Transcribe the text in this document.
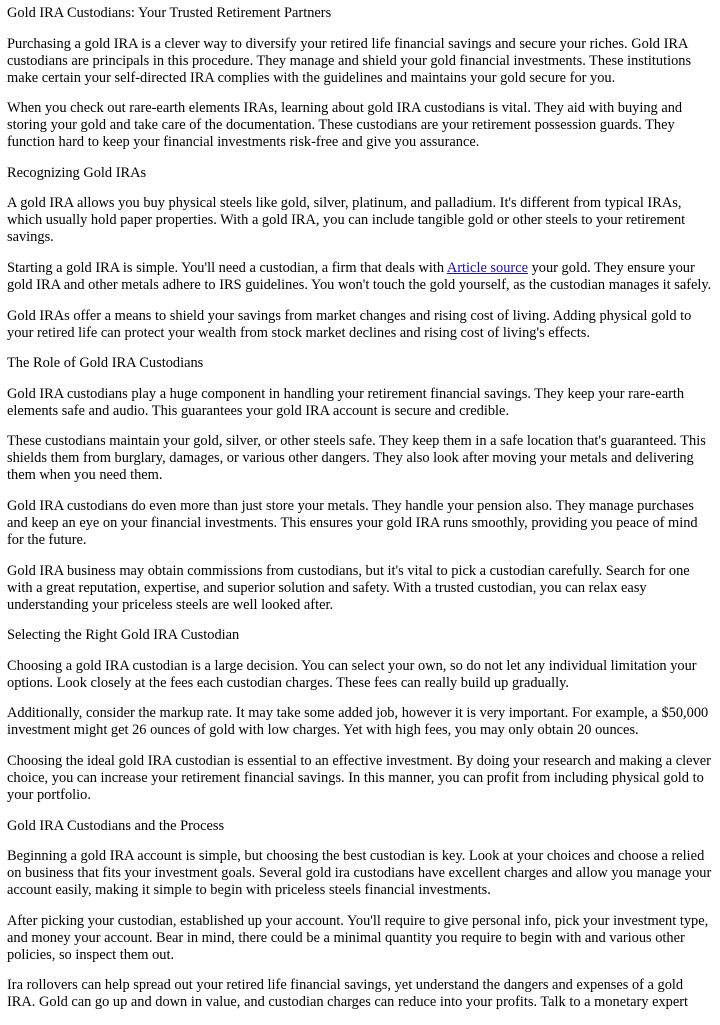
Gold IRA Custodians: Your Trusted Retirement Partners

Purchasing a gold IRA is a clever way to diversify your retired life financial savings and secure your riches. Gold IRA custodians are principals in this procedure. They manage and shield your gold financial investments. These institutions make certain your self-directed IRA complies with the guidelines and maintains your gold secure for you.

When you check out rare-earth elements IRAs, learning about gold IRA custodians is vital. They aid with buying and storing your gold and take care of the documentation. These custodians are your retirement possession guards. They function hard to keep your financial investments risk-free and give you assurance.

Recognizing Gold IRAs

A gold IRA allows you buy physical steels like gold, silver, platinum, and palladium. It's different from typical IRAs, which usually hold paper properties. With a gold IRA, you can include tangible gold or other steels to your retirement savings.

Starting a gold IRA is simple. You'll need a custodian, a firm that deals with Article source your gold. They ensure your gold IRA and other metals adhere to IRS guidelines. You won't touch the gold yourself, as the custodian manages it safely.

Gold IRAs offer a means to shield your savings from market changes and rising cost of living. Adding physical gold to your retired life can protect your wealth from stock market declines and rising cost of living's effects.

The Role of Gold IRA Custodians

Gold IRA custodians play a huge component in handling your retirement financial savings. They keep your rare-earth elements safe and audio. This guarantees your gold IRA account is secure and credible.

These custodians maintain your gold, silver, or other steels safe. They keep them in a safe location that's guaranteed. This shields them from burglary, damages, or various other dangers. They also look after moving your metals and delivering them when you need them.

Gold IRA custodians do even more than just store your metals. They handle your pension also. They manage purchases and keep an eye on your financial investments. This ensures your gold IRA runs smoothly, providing you peace of mind for the future.

Gold IRA business may obtain commissions from custodians, but it's vital to pick a custodian carefully. Search for one with a great reputation, expertise, and superior solution and safety. With a trusted custodian, you can relax easy understanding your priceless steels are well looked after.

Selecting the Right Gold IRA Custodian

Choosing a gold IRA custodian is a large decision. You can select your own, so do not let any individual limitation your options. Look closely at the fees each custodian charges. These fees can really build up gradually.

Additionally, consider the markup rate. It may take some added job, however it is very important. For example, a $50,000 investment might get 26 ounces of gold with low charges. Yet with high fees, you may only obtain 20 ounces.

Choosing the ideal gold IRA custodian is essential to an effective investment. By doing your research and making a clever choice, you can increase your retirement financial savings. In this manner, you can profit from including physical gold to your portfolio.

Gold IRA Custodians and the Process

Beginning a gold IRA account is simple, but choosing the best custodian is key. Look at your choices and choose a relied on business that fits your investment goals. Several gold ira custodians have excellent charges and allow you manage your account easily, making it simple to begin with priceless steels financial investments.

After picking your custodian, established up your account. You'll require to give personal info, pick your investment type, and money your account. Bear in mind, there could be a minimal quantity you require to begin with and various other policies, so inspect them out.

Ira rollovers can help spread out your retired life financial savings, yet understand the dangers and expenses of a gold IRA. Gold can go up and down in value, and custodian charges can reduce into your profits. Talk to a monetary expert
